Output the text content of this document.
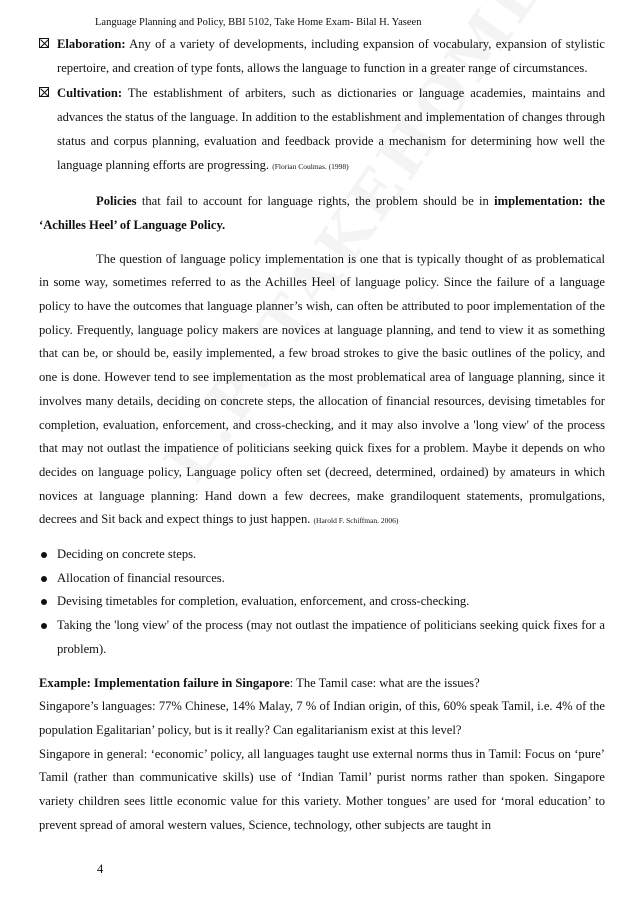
Language Planning and Policy, BBI 5102, Take Home Exam- Bilal H. Yaseen
Elaboration: Any of a variety of developments, including expansion of vocabulary, expansion of stylistic repertoire, and creation of type fonts, allows the language to function in a greater range of circumstances.
Cultivation: The establishment of arbiters, such as dictionaries or language academies, maintains and advances the status of the language. In addition to the establishment and implementation of changes through status and corpus planning, evaluation and feedback provide a mechanism for determining how well the language planning efforts are progressing. (Florian Coulmas. (1998)

Policies that fail to account for language rights, the problem should be in implementation: the ‘Achilles Heel’ of Language Policy.

The question of language policy implementation is one that is typically thought of as problematical in some way, sometimes referred to as the Achilles Heel of language policy. Since the failure of a language policy to have the outcomes that language planner’s wish, can often be attributed to poor implementation of the policy. Frequently, language policy makers are novices at language planning, and tend to view it as something that can be, or should be, easily implemented, a few broad strokes to give the basic outlines of the policy, and one is done. However tend to see implementation as the most problematical area of language planning, since it involves many details, deciding on concrete steps, the allocation of financial resources, devising timetables for completion, evaluation, enforcement, and cross-checking, and it may also involve a 'long view' of the process that may not outlast the impatience of politicians seeking quick fixes for a problem. Maybe it depends on who decides on language policy, Language policy often set (decreed, determined, ordained) by amateurs in which novices at language planning: Hand down a few decrees, make grandiloquent statements, promulgations, decrees and Sit back and expect things to just happen. (Harold F. Schiffman. 2006)

Deciding on concrete steps.
Allocation of financial resources.
Devising timetables for completion, evaluation, enforcement, and cross-checking.
Taking the 'long view' of the process (may not outlast the impatience of politicians seeking quick fixes for a problem).

Example: Implementation failure in Singapore: The Tamil case: what are the issues?

Singapore’s languages: 77% Chinese, 14% Malay, 7 % of Indian origin, of this, 60% speak Tamil, i.e. 4% of the population Egalitarian’ policy, but is it really? Can egalitarianism exist at this level?

Singapore in general: ‘economic’ policy, all languages taught use external norms thus in Tamil: Focus on ‘pure’ Tamil (rather than communicative skills) use of ‘Indian Tamil’ purist norms rather than spoken. Singapore variety children sees little economic value for this variety. Mother tongues’ are used for ‘moral education’ to prevent spread of amoral western values, Science, technology, other subjects are taught in

4
